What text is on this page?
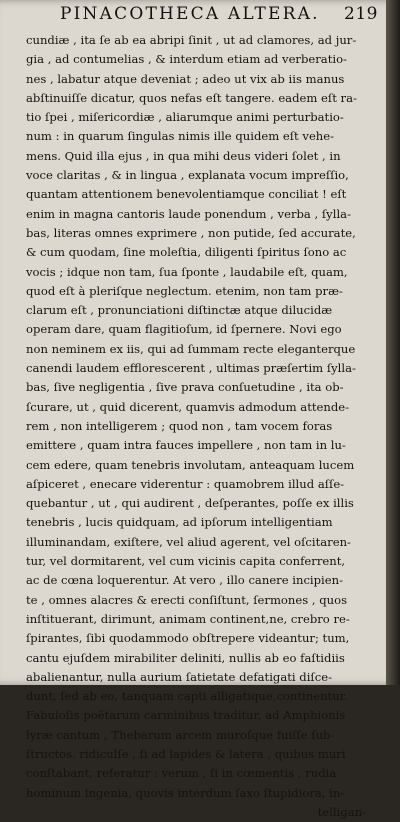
PINACOTHECA ALTERA. 219
cundiæ , ita ſe ab ea abripi ſinit , ut ad clamores, ad jur-
gia , ad contumelias , & interdum etiam ad verberatio-
nes , labatur atque deveniat ; adeo ut vix ab iis manus
abſtinuiſſe dicatur, quos nefas eſt tangere. eadem eſt ra-
tio ſpei , miſericordiæ , aliarumque animi perturbatio-
num : in quarum ſingulas nimis ille quidem eſt vehe-
mens. Quid illa ejus , in qua mihi deus videri ſolet , in
voce claritas , & in lingua , explanata vocum impreſſio,
quantam attentionem benevolentiamque conciliat ! eſt
enim in magna cantoris laude ponendum , verba , ſylla-
bas, literas omnes exprimere , non putide, ſed accurate,
& cum quodam, ſine moleſtia, diligenti ſpiritus ſono ac
vocis ; idque non tam, ſua ſponte , laudabile eſt, quam,
quod eſt à pleriſque neglectum. etenim, non tam præ-
clarum eſt , pronunciationi diſtinctæ atque dilucidæ
operam dare, quam flagitioſum, id ſpernere. Novi ego
non neminem ex iis, qui ad ſummam recte eleganterque
canendi laudem efflorescerent , ultimas præſertim ſylla-
bas, ſive negligentia , ſive prava conſuetudine , ita ob-
ſcurare, ut , quid dicerent, quamvis admodum attende-
rem , non intelligerem ; quod non , tam vocem foras
emittere , quam intra fauces impellere , non tam in lu-
cem edere, quam tenebris involutam, anteaquam lucem
aſpiceret , enecare viderentur : quamobrem illud aſſe-
quebantur , ut , qui audirent , deſperantes, poſſe ex illis
tenebris , lucis quidquam, ad ipſorum intelligentiam
illuminandam, exiſtere, vel aliud agerent, vel oſcitaren-
tur, vel dormitarent, vel cum vicinis capita conferrent,
ac de cœna loquerentur. At vero , illo canere incipien-
te , omnes alacres & erecti conſiſtunt, ſermones , quos
inſtituerant, dirimunt, animam continent,ne, crebro re-
ſpirantes, ſibi quodammodo obſtrepere videantur; tum,
cantu ejuſdem mirabiliter deliniti, nullis ab eo faſtidiis
abalienantur, nulla aurium ſatietate defatigati diſce-
dunt, ſed ab eo, tanquam capti alligatique,continentur.
Fabuloſis poëtarum carminibus traditur, ad Amphionis
lyræ cantum , Thebarum arcem muroſque fuiſſe ſub-
ſtructos. ridiculſe , ſi ad lapides & latera , quibus muri
conſtabant, referatur : verum , ſi in cœmentis , rudia
hominum ingenia, quovis interdum ſaxo ſtupidiora, in-
telligan-
